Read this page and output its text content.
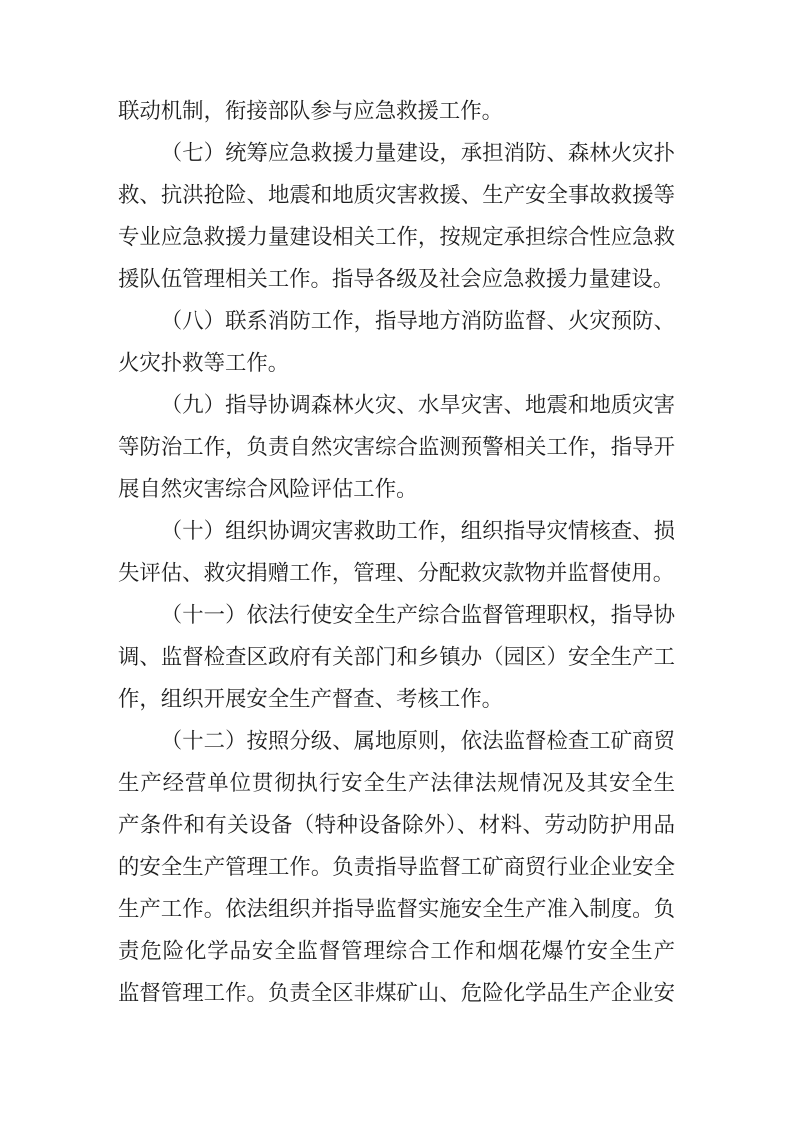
联动机制，衔接部队参与应急救援工作。
（七）统筹应急救援力量建设，承担消防、森林火灾扑
救、抗洪抢险、地震和地质灾害救援、生产安全事故救援等
专业应急救援力量建设相关工作，按规定承担综合性应急救
援队伍管理相关工作。指导各级及社会应急救援力量建设。
（八）联系消防工作，指导地方消防监督、火灾预防、
火灾扑救等工作。
（九）指导协调森林火灾、水旱灾害、地震和地质灾害
等防治工作，负责自然灾害综合监测预警相关工作，指导开
展自然灾害综合风险评估工作。
（十）组织协调灾害救助工作，组织指导灾情核查、损
失评估、救灾捐赠工作，管理、分配救灾款物并监督使用。
（十一）依法行使安全生产综合监督管理职权，指导协
调、监督检查区政府有关部门和乡镇办（园区）安全生产工
作，组织开展安全生产督查、考核工作。
（十二）按照分级、属地原则，依法监督检查工矿商贸
生产经营单位贯彻执行安全生产法律法规情况及其安全生
产条件和有关设备（特种设备除外）、材料、劳动防护用品
的安全生产管理工作。负责指导监督工矿商贸行业企业安全
生产工作。依法组织并指导监督实施安全生产准入制度。负
责危险化学品安全监督管理综合工作和烟花爆竹安全生产
监督管理工作。负责全区非煤矿山、危险化学品生产企业安
